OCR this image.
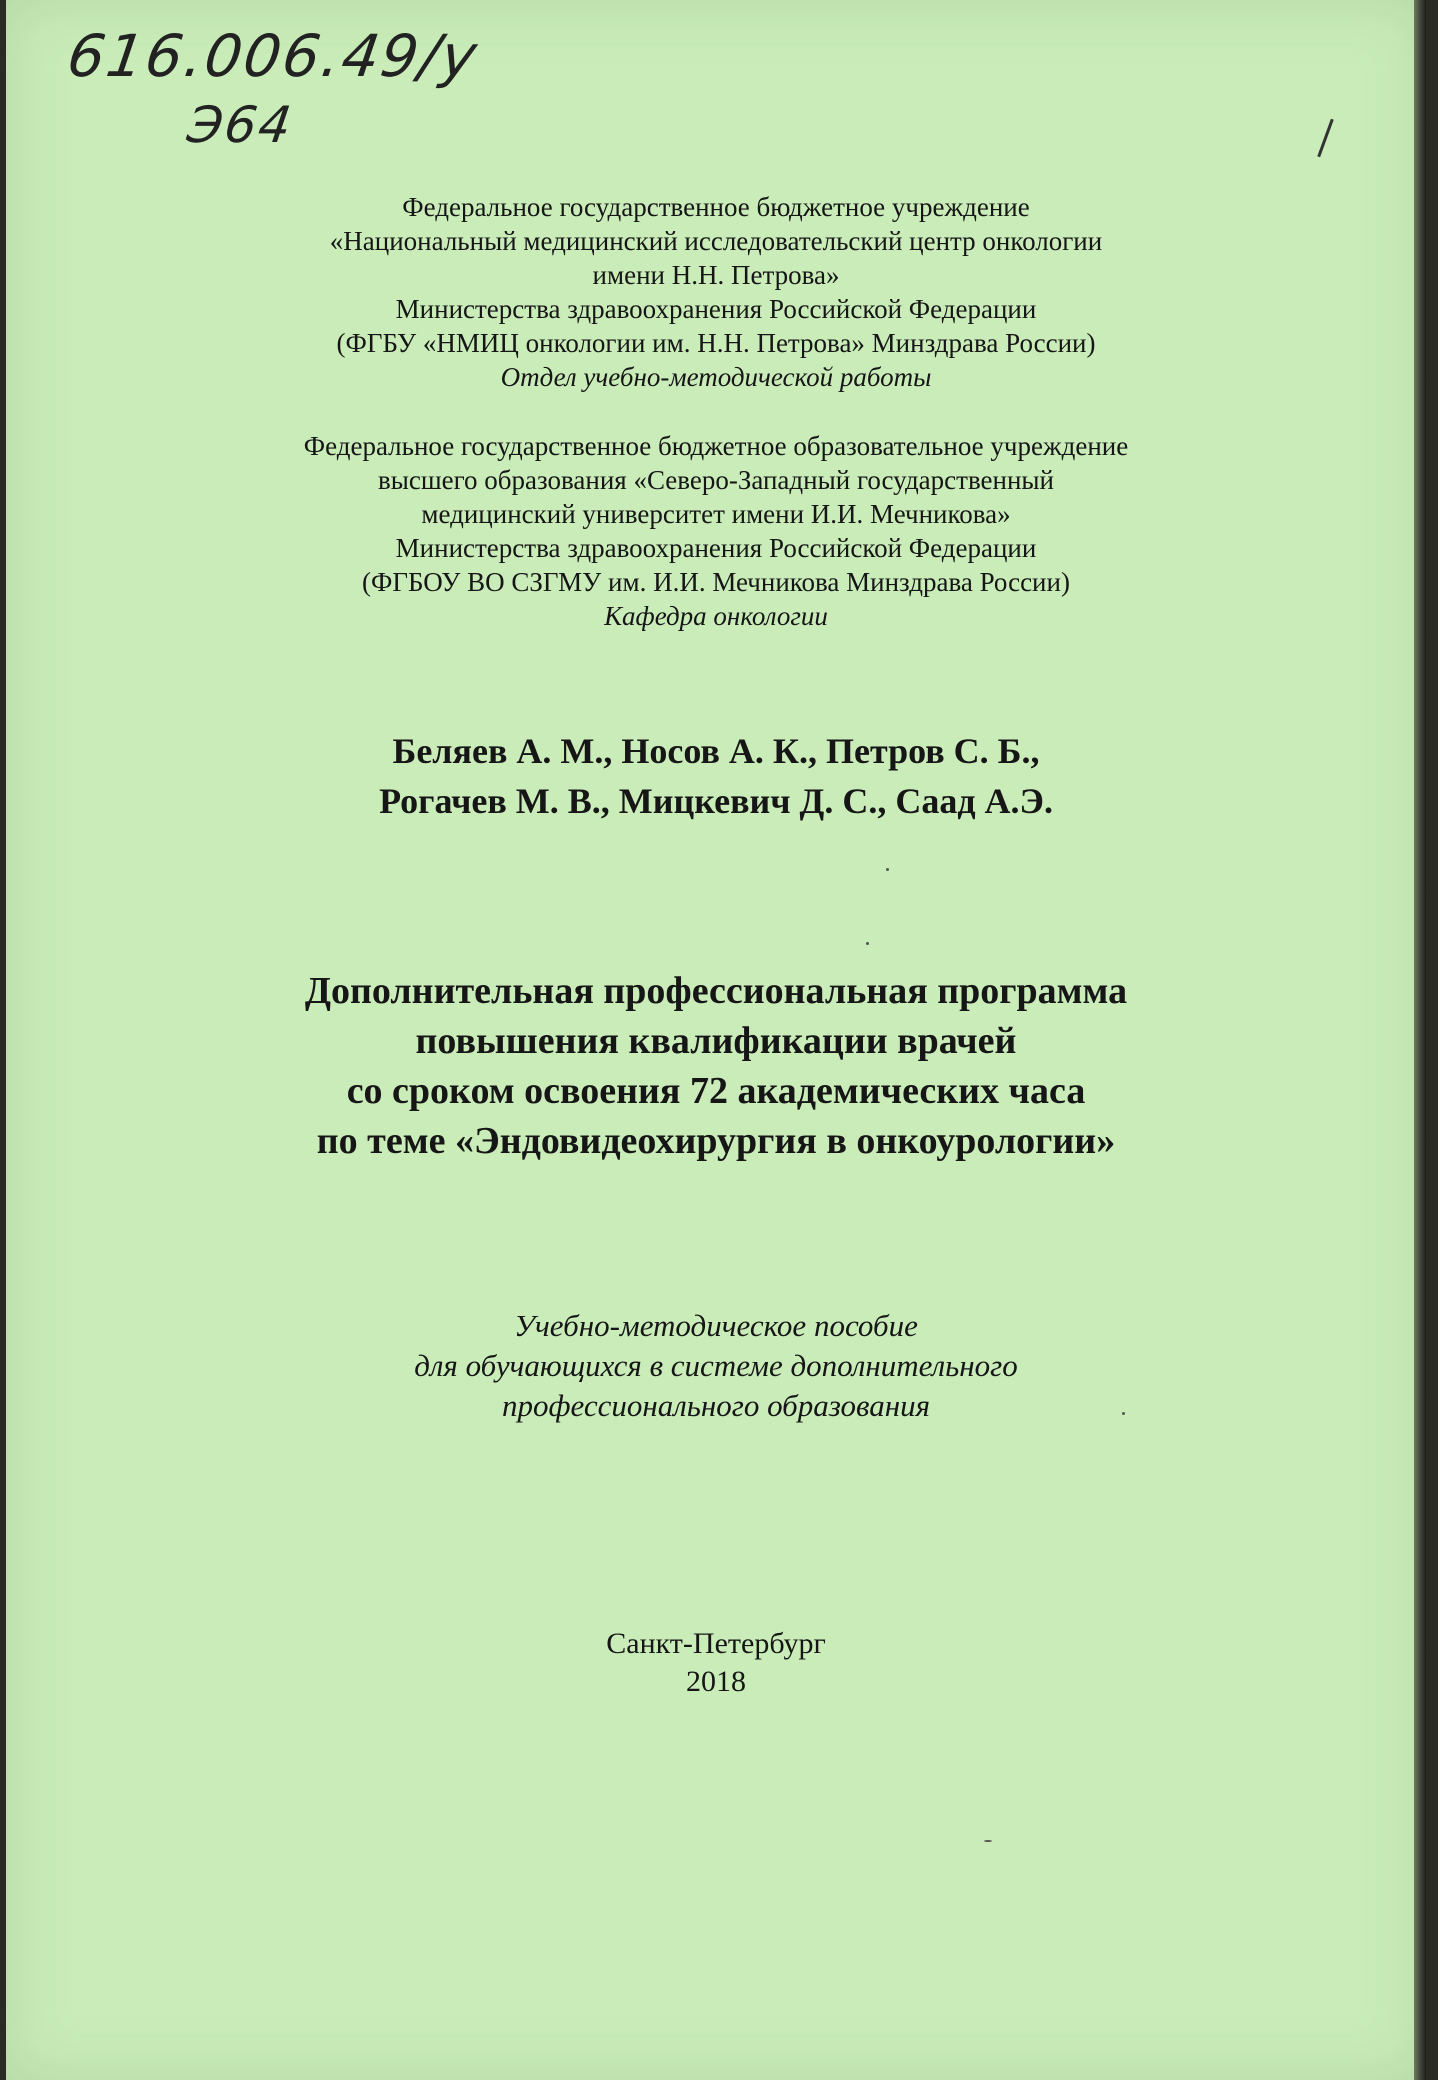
616.006.49/у
Э64
Федеральное государственное бюджетное учреждение
«Национальный медицинский исследовательский центр онкологии
имени Н.Н. Петрова»
Министерства здравоохранения Российской Федерации
(ФГБУ «НМИЦ онкологии им. Н.Н. Петрова» Минздрава России)
Отдел учебно-методической работы
Федеральное государственное бюджетное образовательное учреждение
высшего образования «Северо-Западный государственный
медицинский университет имени И.И. Мечникова»
Министерства здравоохранения Российской Федерации
(ФГБОУ ВО СЗГМУ им. И.И. Мечникова Минздрава России)
Кафедра онкологии
Беляев А. М., Носов А. К., Петров С. Б.,
Рогачев М. В., Мицкевич Д. С., Саад А.Э.
Дополнительная профессиональная программа
повышения квалификации врачей
со сроком освоения 72 академических часа
по теме «Эндовидеохирургия в онкоурологии»
Учебно-методическое пособие
для обучающихся в системе дополнительного
профессионального образования
Санкт-Петербург
2018
